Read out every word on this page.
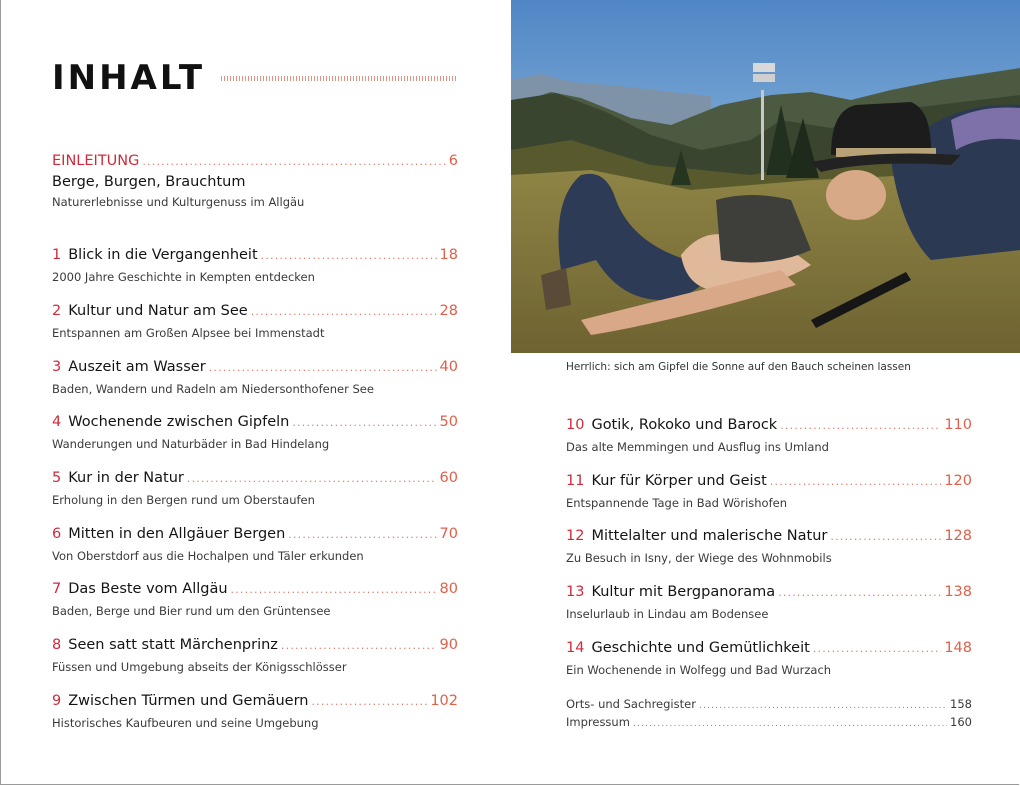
INHALT
EINLEITUNG .....	6
Berge, Burgen, Brauchtum
Naturerlebnisse und Kulturgenuss im Allgäu
1 Blick in die Vergangenheit .....	18
2000 Jahre Geschichte in Kempten entdecken
2 Kultur und Natur am See .....	28
Entspannen am Großen Alpsee bei Immenstadt
3 Auszeit am Wasser .....	40
Baden, Wandern und Radeln am Niedersonthofener See
4 Wochenende zwischen Gipfeln .....	50
Wanderungen und Naturbäder in Bad Hindelang
5 Kur in der Natur .....	60
Erholung in den Bergen rund um Oberstaufen
6 Mitten in den Allgäuer Bergen .....	70
Von Oberstdorf aus die Hochalpen und Täler erkunden
7 Das Beste vom Allgäu .....	80
Baden, Berge und Bier rund um den Grüntensee
8 Seen satt statt Märchenprinz .....	90
Füssen und Umgebung abseits der Königsschlösser
9 Zwischen Türmen und Gemäuern .....	102
Historisches Kaufbeuren und seine Umgebung
Herrlich: sich am Gipfel die Sonne auf den Bauch scheinen lassen
10 Gotik, Rokoko und Barock .....	110
Das alte Memmingen und Ausflug ins Umland
11 Kur für Körper und Geist .....	120
Entspannende Tage in Bad Wörishofen
12 Mittelalter und malerische Natur .....	128
Zu Besuch in Isny, der Wiege des Wohnmobils
13 Kultur mit Bergpanorama .....	138
Inselurlaub in Lindau am Bodensee
14 Geschichte und Gemütlichkeit .....	148
Ein Wochenende in Wolfegg und Bad Wurzach
Orts- und Sachregister .....	158
Impressum .....	160
